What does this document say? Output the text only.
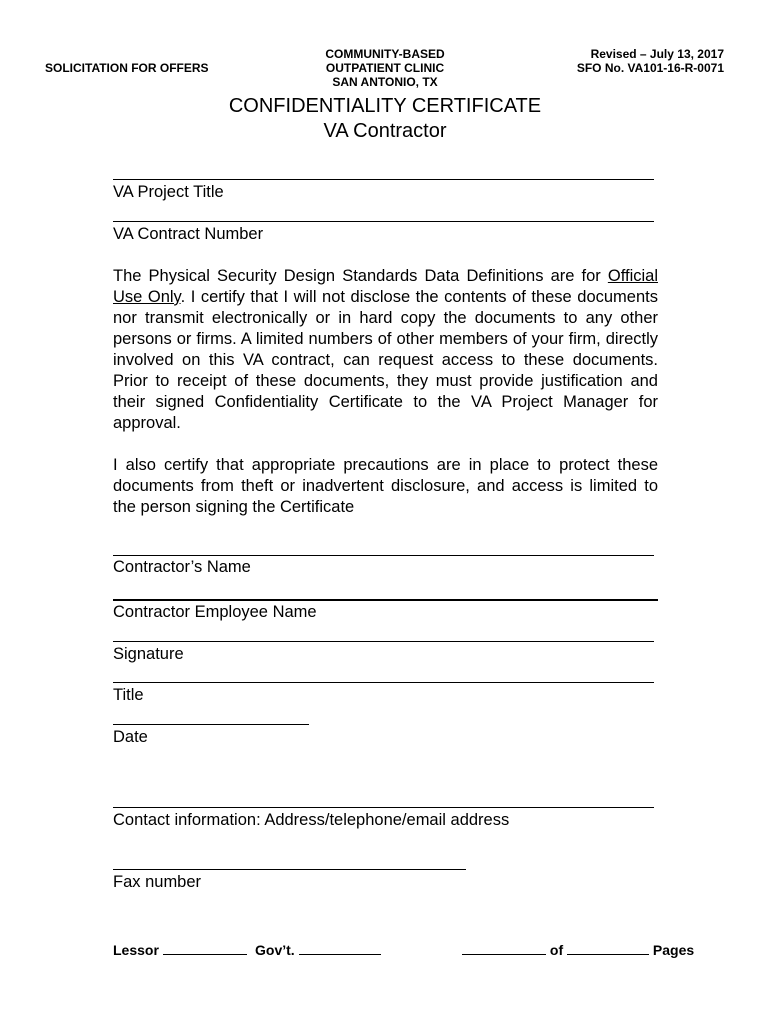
SOLICITATION FOR OFFERS
COMMUNITY-BASED
OUTPATIENT CLINIC
SAN ANTONIO, TX
Revised – July 13, 2017
SFO No. VA101-16-R-0071
CONFIDENTIALITY CERTIFICATE
VA Contractor
VA Project Title
VA Contract Number
The Physical Security Design Standards Data Definitions are for Official Use Only. I certify that I will not disclose the contents of these documents nor transmit electronically or in hard copy the documents to any other persons or firms. A limited numbers of other members of your firm, directly involved on this VA contract, can request access to these documents. Prior to receipt of these documents, they must provide justification and their signed Confidentiality Certificate to the VA Project Manager for approval.
I also certify that appropriate precautions are in place to protect these documents from theft or inadvertent disclosure, and access is limited to the person signing the Certificate
Contractor’s Name
Contractor Employee Name
Signature
Title
Date
Contact information: Address/telephone/email address
Fax number
Lessor	Gov’t.	of	Pages
